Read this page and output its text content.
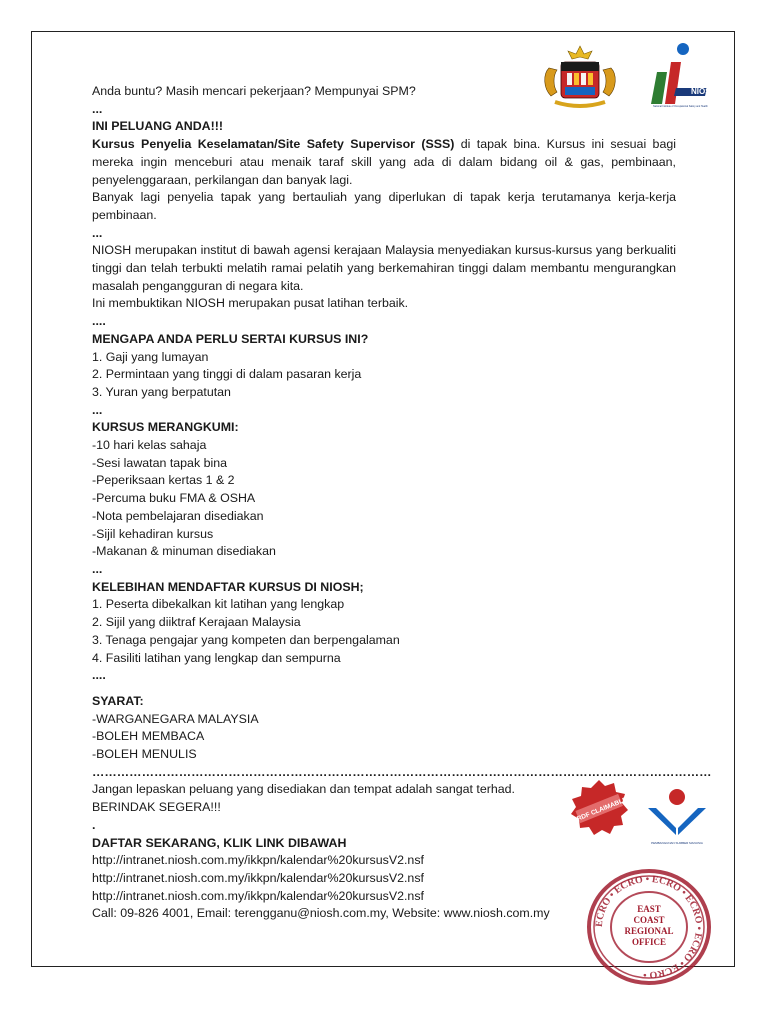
NIOSH
National Institute of Occupational Safety and Health
HRDF CLAIMABLE
PEMBANGUNAN SUMBER MANUSIA
ECRO • ECRO • ECRO • ECRO • ECRO • ECRO •
EAST
COAST
REGIONAL
OFFICE

Anda buntu? Masih mencari pekerjaan? Mempunyai SPM?

...

INI PELUANG ANDA!!!

Kursus Penyelia Keselamatan/Site Safety Supervisor (SSS) di tapak bina. Kursus ini sesuai bagi mereka ingin menceburi atau menaik taraf skill yang ada di dalam bidang oil & gas, pembinaan, penyelenggaraan, perkilangan dan banyak lagi.

Banyak lagi penyelia tapak yang bertauliah yang diperlukan di tapak kerja terutamanya kerja-kerja pembinaan.

...

NIOSH merupakan institut di bawah agensi kerajaan Malaysia menyediakan kursus-kursus yang berkualiti tinggi dan telah terbukti melatih ramai pelatih yang berkemahiran tinggi dalam membantu mengurangkan masalah pengangguran di negara kita.

Ini membuktikan NIOSH merupakan pusat latihan terbaik.

....

MENGAPA ANDA PERLU SERTAI KURSUS INI?

1. Gaji yang lumayan

2. Permintaan yang tinggi di dalam pasaran kerja

3. Yuran yang berpatutan

...

KURSUS MERANGKUMI:

-10 hari kelas sahaja

-Sesi lawatan tapak bina

-Peperiksaan kertas 1 & 2

-Percuma buku FMA & OSHA

-Nota pembelajaran disediakan

-Sijil kehadiran kursus

-Makanan & minuman disediakan

...

KELEBIHAN MENDAFTAR KURSUS DI NIOSH;

1. Peserta dibekalkan kit latihan yang lengkap

2. Sijil yang diiktraf Kerajaan Malaysia

3. Tenaga pengajar yang kompeten dan berpengalaman

4. Fasiliti latihan yang lengkap dan sempurna

....

SYARAT:

-WARGANEGARA MALAYSIA

-BOLEH MEMBACA

-BOLEH MENULIS

……………………………………………………………………………………………………………………………………

Jangan lepaskan peluang yang disediakan dan tempat adalah sangat terhad.

BERINDAK SEGERA!!!

.

DAFTAR SEKARANG, KLIK LINK DIBAWAH

http://intranet.niosh.com.my/ikkpn/kalendar%20kursusV2.nsf

http://intranet.niosh.com.my/ikkpn/kalendar%20kursusV2.nsf

http://intranet.niosh.com.my/ikkpn/kalendar%20kursusV2.nsf

Call: 09-826 4001, Email: terengganu@niosh.com.my, Website: www.niosh.com.my
